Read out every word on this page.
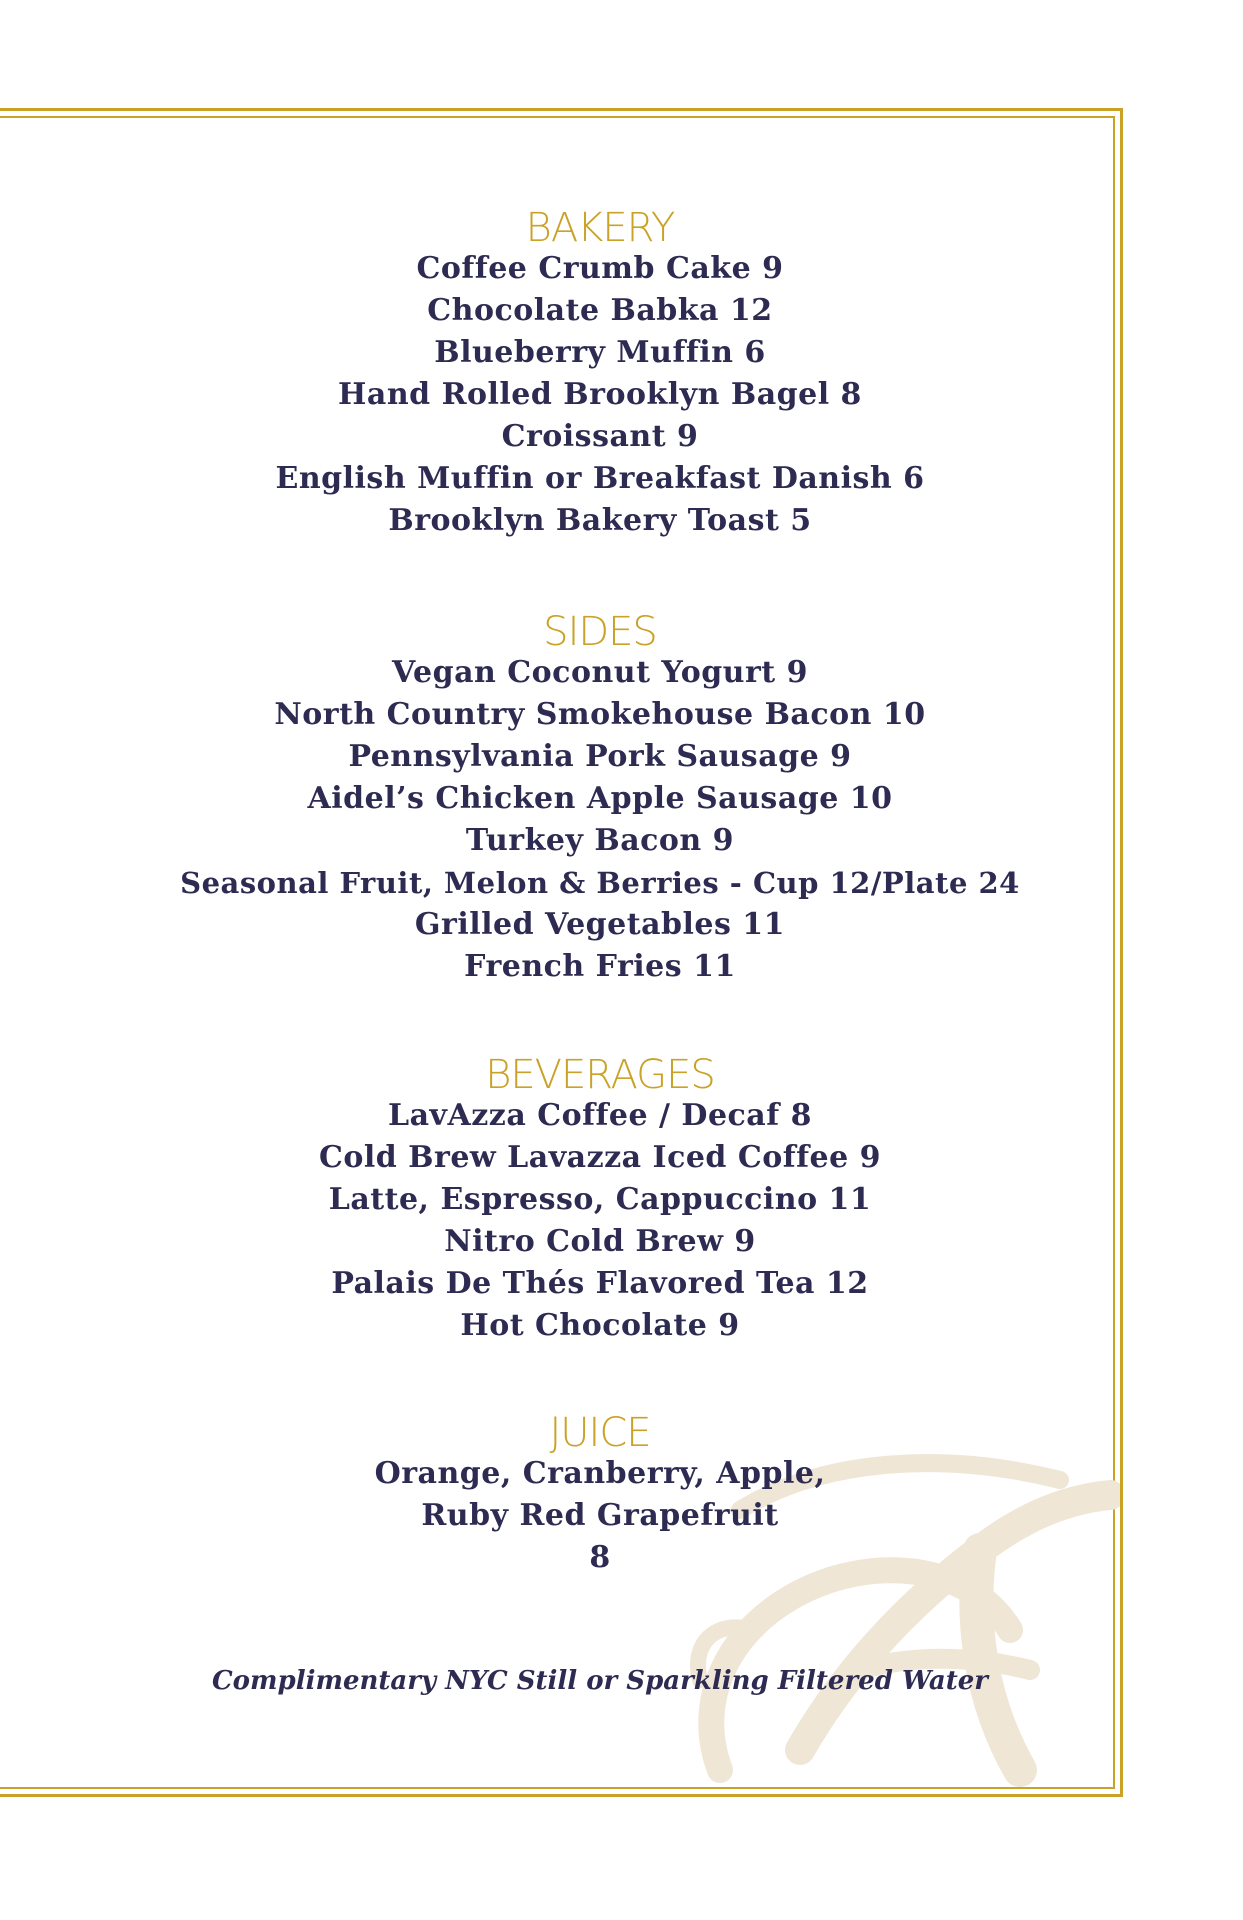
BAKERY
Coffee Crumb Cake 9
Chocolate Babka 12
Blueberry Muffin 6
Hand Rolled Brooklyn Bagel 8
Croissant 9
English Muffin or Breakfast Danish 6
Brooklyn Bakery Toast 5
SIDES
Vegan Coconut Yogurt 9
North Country Smokehouse Bacon 10
Pennsylvania Pork Sausage 9
Aidel’s Chicken Apple Sausage 10
Turkey Bacon 9
Seasonal Fruit, Melon & Berries - Cup 12/Plate 24
Grilled Vegetables 11
French Fries 11
BEVERAGES
LavAzza Coffee / Decaf 8
Cold Brew Lavazza Iced Coffee 9
Latte, Espresso, Cappuccino 11
Nitro Cold Brew 9
Palais De Thés Flavored Tea 12
Hot Chocolate 9
JUICE
Orange, Cranberry, Apple,
Ruby Red Grapefruit
8
Complimentary NYC Still or Sparkling Filtered Water
